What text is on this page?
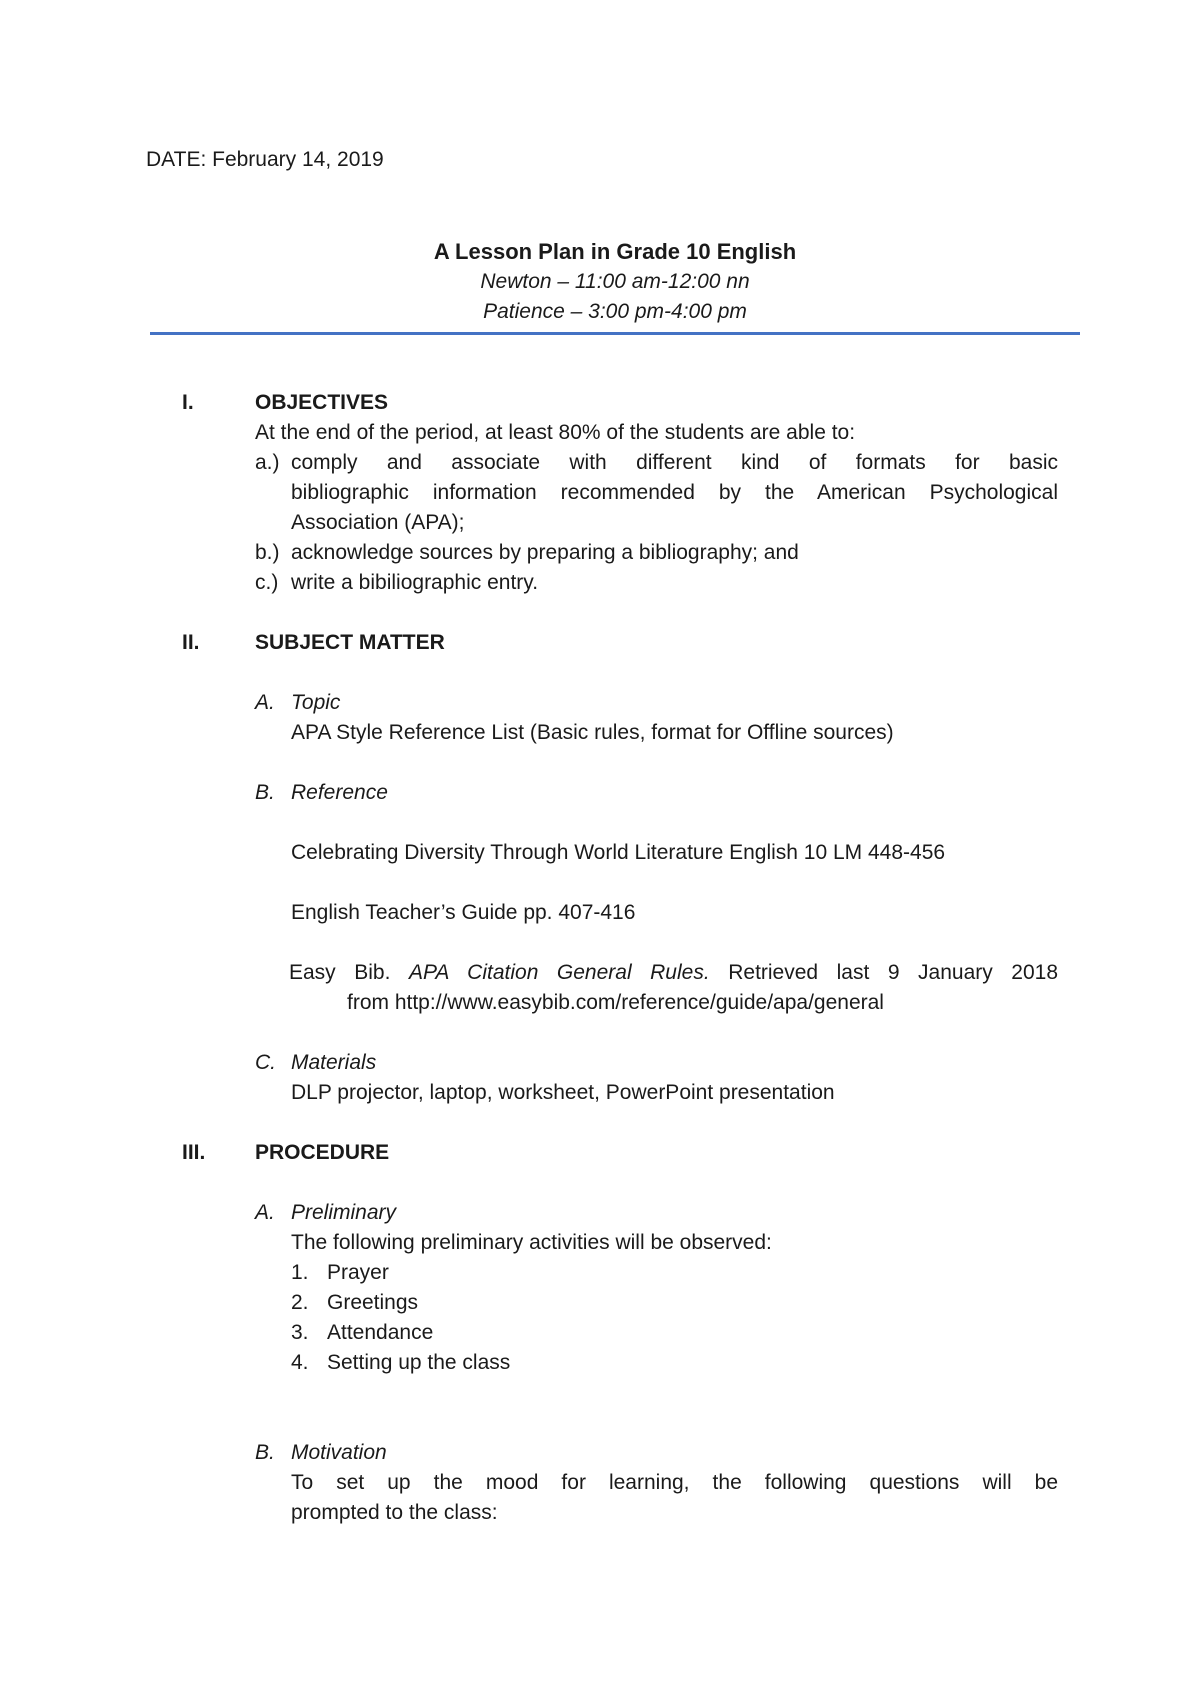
DATE: February 14, 2019
A Lesson Plan in Grade 10 English
Newton – 11:00 am-12:00 nn
Patience – 3:00 pm-4:00 pm
I.	OBJECTIVES
At the end of the period, at least 80% of the students are able to:
a.) comply and associate with different kind of formats for basic
bibliographic information recommended by the American Psychological
Association (APA);
b.) acknowledge sources by preparing a bibliography; and
c.) write a bibiliographic entry.
II.	SUBJECT MATTER
A. Topic
APA Style Reference List (Basic rules, format for Offline sources)
B. Reference
Celebrating Diversity Through World Literature English 10 LM 448-456
English Teacher’s Guide pp. 407-416
Easy Bib. APA Citation General Rules. Retrieved last 9 January 2018
from http://www.easybib.com/reference/guide/apa/general
C. Materials
DLP projector, laptop, worksheet, PowerPoint presentation
III. PROCEDURE
A. Preliminary
The following preliminary activities will be observed:
1. Prayer
2. Greetings
3. Attendance
4. Setting up the class
B. Motivation
To set up the mood for learning, the following questions will be
prompted to the class:
